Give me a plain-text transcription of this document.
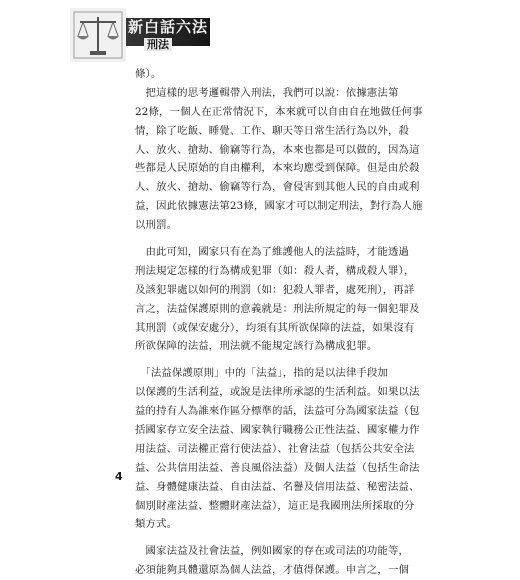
新白話六法
刑法
條）。
　把這樣的思考邏輯帶入刑法，我們可以說：依據憲法第
22條，一個人在正常情況下，本來就可以自由自在地做任何事
情，除了吃飯、睡覺、工作、聊天等日常生活行為以外，殺
人、放火、搶劫、偷竊等行為，本來也都是可以做的，因為這
些都是人民原始的自由權利，本來均應受到保障。但是由於殺
人、放火、搶劫、偷竊等行為，會侵害到其他人民的自由或利
益，因此依據憲法第23條，國家才可以制定刑法，對行為人施
以刑罰。
　由此可知，國家只有在為了維護他人的法益時，才能透過
刑法規定怎樣的行為構成犯罪（如：殺人者，構成殺人罪），
及該犯罪處以如何的刑罰（如：犯殺人罪者，處死刑），再詳
言之，法益保護原則的意義就是：刑法所規定的每一個犯罪及
其刑罰（或保安處分），均須有其所欲保障的法益，如果沒有
所欲保障的法益，刑法就不能規定該行為構成犯罪。
　「法益保護原則」中的「法益」，指的是以法律手段加
以保護的生活利益，或說是法律所承認的生活利益。如果以法
益的持有人為誰來作區分標準的話，法益可分為國家法益（包
括國家存立安全法益、國家執行職務公正性法益、國家權力作
用法益、司法權正當行使法益）、社會法益（包括公共安全法
益、公共信用法益、善良風俗法益）及個人法益（包括生命法
益、身體健康法益、自由法益、名譽及信用法益、秘密法益、
個別財產法益、整體財產法益），這正是我國刑法所採取的分
類方式。
　國家法益及社會法益，例如國家的存在或司法的功能等，
必須能夠具體還原為個人法益，才值得保護。申言之，一個
4
